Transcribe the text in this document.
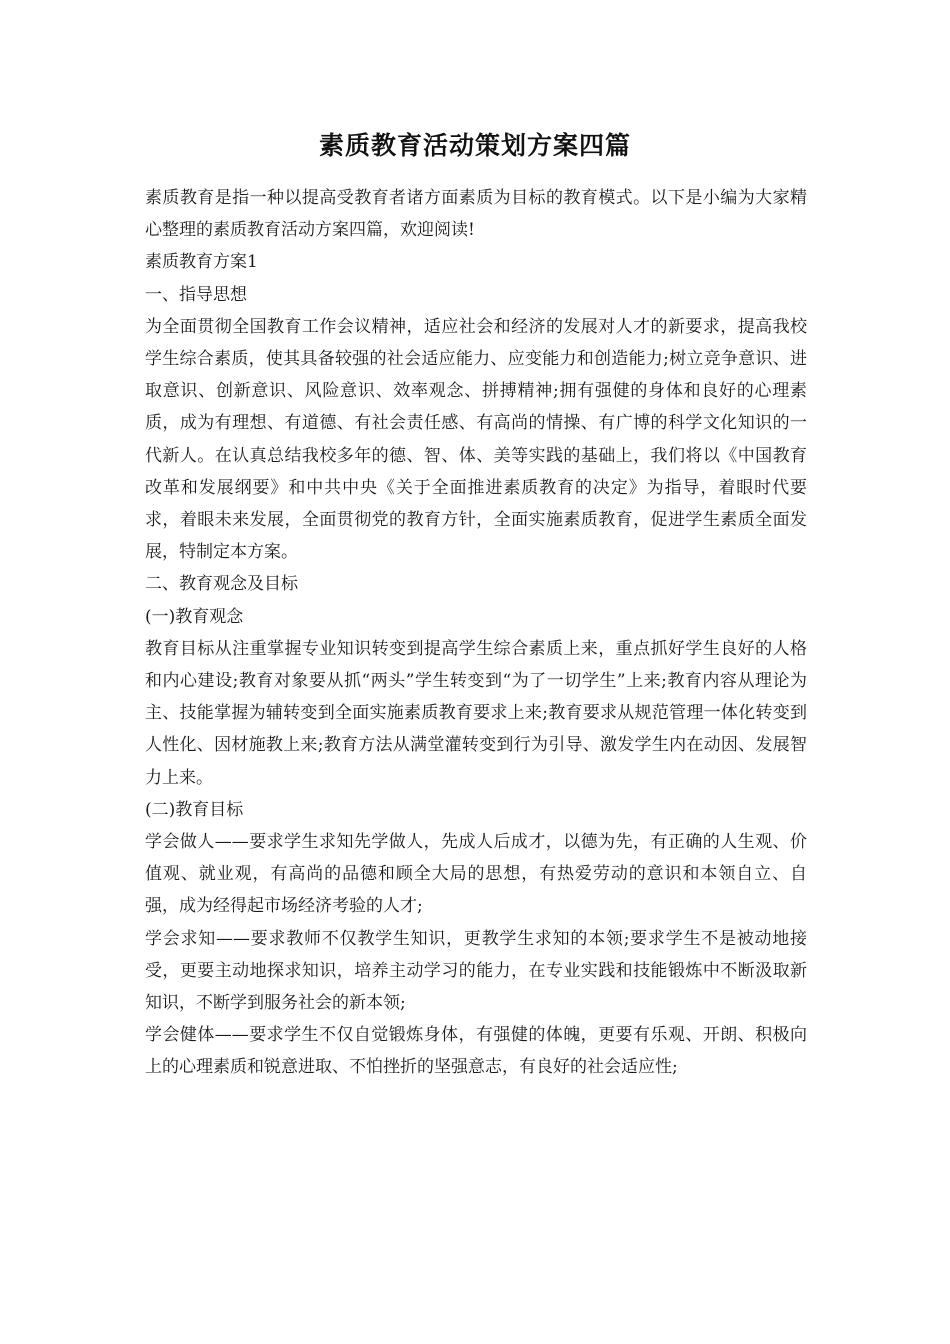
素质教育活动策划方案四篇

素质教育是指一种以提高受教育者诸方面素质为目标的教育模式。以下是小编为大家精心整理的素质教育活动方案四篇，欢迎阅读!

素质教育方案1

一、指导思想

为全面贯彻全国教育工作会议精神，适应社会和经济的发展对人才的新要求，提高我校学生综合素质，使其具备较强的社会适应能力、应变能力和创造能力;树立竞争意识、进取意识、创新意识、风险意识、效率观念、拼搏精神;拥有强健的身体和良好的心理素质，成为有理想、有道德、有社会责任感、有高尚的情操、有广博的科学文化知识的一代新人。在认真总结我校多年的德、智、体、美等实践的基础上，我们将以《中国教育改革和发展纲要》和中共中央《关于全面推进素质教育的决定》为指导，着眼时代要求，着眼未来发展，全面贯彻党的教育方针，全面实施素质教育，促进学生素质全面发展，特制定本方案。

二、教育观念及目标

(一)教育观念

教育目标从注重掌握专业知识转变到提高学生综合素质上来，重点抓好学生良好的人格和内心建设;教育对象要从抓“两头”学生转变到“为了一切学生”上来;教育内容从理论为主、技能掌握为辅转变到全面实施素质教育要求上来;教育要求从规范管理一体化转变到人性化、因材施教上来;教育方法从满堂灌转变到行为引导、激发学生内在动因、发展智力上来。

(二)教育目标

学会做人——要求学生求知先学做人，先成人后成才，以德为先，有正确的人生观、价值观、就业观，有高尚的品德和顾全大局的思想，有热爱劳动的意识和本领自立、自强，成为经得起市场经济考验的人才;

学会求知——要求教师不仅教学生知识，更教学生求知的本领;要求学生不是被动地接受，更要主动地探求知识，培养主动学习的能力，在专业实践和技能锻炼中不断汲取新知识，不断学到服务社会的新本领;

学会健体——要求学生不仅自觉锻炼身体，有强健的体魄，更要有乐观、开朗、积极向上的心理素质和锐意进取、不怕挫折的坚强意志，有良好的社会适应性;
